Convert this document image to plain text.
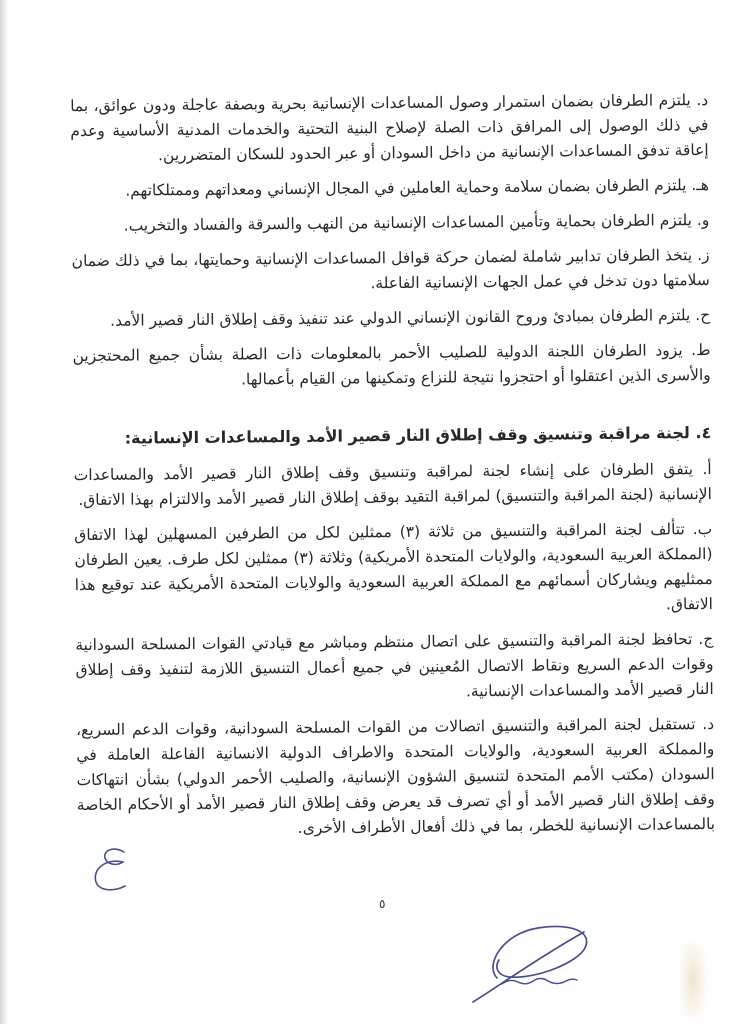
د. يلتزم الطرفان بضمان استمرار وصول المساعدات الإنسانية بحرية وبصفة عاجلة ودون عوائق، بما في ذلك الوصول إلى المرافق ذات الصلة لإصلاح البنية التحتية والخدمات المدنية الأساسية وعدم إعاقة تدفق المساعدات الإنسانية من داخل السودان أو عبر الحدود للسكان المتضررين.

هـ. يلتزم الطرفان بضمان سلامة وحماية العاملين في المجال الإنساني ومعداتهم وممتلكاتهم.

و. يلتزم الطرفان بحماية وتأمين المساعدات الإنسانية من النهب والسرقة والفساد والتخريب.

ز. يتخذ الطرفان تدابير شاملة لضمان حركة قوافل المساعدات الإنسانية وحمايتها، بما في ذلك ضمان سلامتها دون تدخل في عمل الجهات الإنسانية الفاعلة.

ح. يلتزم الطرفان بمبادئ وروح القانون الإنساني الدولي عند تنفيذ وقف إطلاق النار قصير الأمد.

ط. يزود الطرفان اللجنة الدولية للصليب الأحمر بالمعلومات ذات الصلة بشأن جميع المحتجزين والأسرى الذين اعتقلوا أو احتجزوا نتيجة للنزاع وتمكينها من القيام بأعمالها.

٤. لجنة مراقبة وتنسيق وقف إطلاق النار قصير الأمد والمساعدات الإنسانية:

أ. يتفق الطرفان على إنشاء لجنة لمراقبة وتنسيق وقف إطلاق النار قصير الأمد والمساعدات الإنسانية (لجنة المراقبة والتنسيق) لمراقبة التقيد بوقف إطلاق النار قصير الأمد والالتزام بهذا الاتفاق.

ب. تتألف لجنة المراقبة والتنسيق من ثلاثة (٣) ممثلين لكل من الطرفين المسهلين لهذا الاتفاق (المملكة العربية السعودية، والولايات المتحدة الأمريكية) وثلاثة (٣) ممثلين لكل طرف. يعين الطرفان ممثليهم ويشاركان أسمائهم مع المملكة العربية السعودية والولايات المتحدة الأمريكية عند توقيع هذا الاتفاق.

ج. تحافظ لجنة المراقبة والتنسيق على اتصال منتظم ومباشر مع قيادتي القوات المسلحة السودانية وقوات الدعم السريع ونقاط الاتصال المُعينين في جميع أعمال التنسيق اللازمة لتنفيذ وقف إطلاق النار قصير الأمد والمساعدات الإنسانية.

د. تستقبل لجنة المراقبة والتنسيق اتصالات من القوات المسلحة السودانية، وقوات الدعم السريع، والمملكة العربية السعودية، والولايات المتحدة والاطراف الدولية الانسانية الفاعلة العاملة في السودان (مكتب الأمم المتحدة لتنسيق الشؤون الإنسانية، والصليب الأحمر الدولي) بشأن انتهاكات وقف إطلاق النار قصير الأمد أو أي تصرف قد يعرض وقف إطلاق النار قصير الأمد أو الأحكام الخاصة بالمساعدات الإنسانية للخطر، بما في ذلك أفعال الأطراف الأخرى.

٥
